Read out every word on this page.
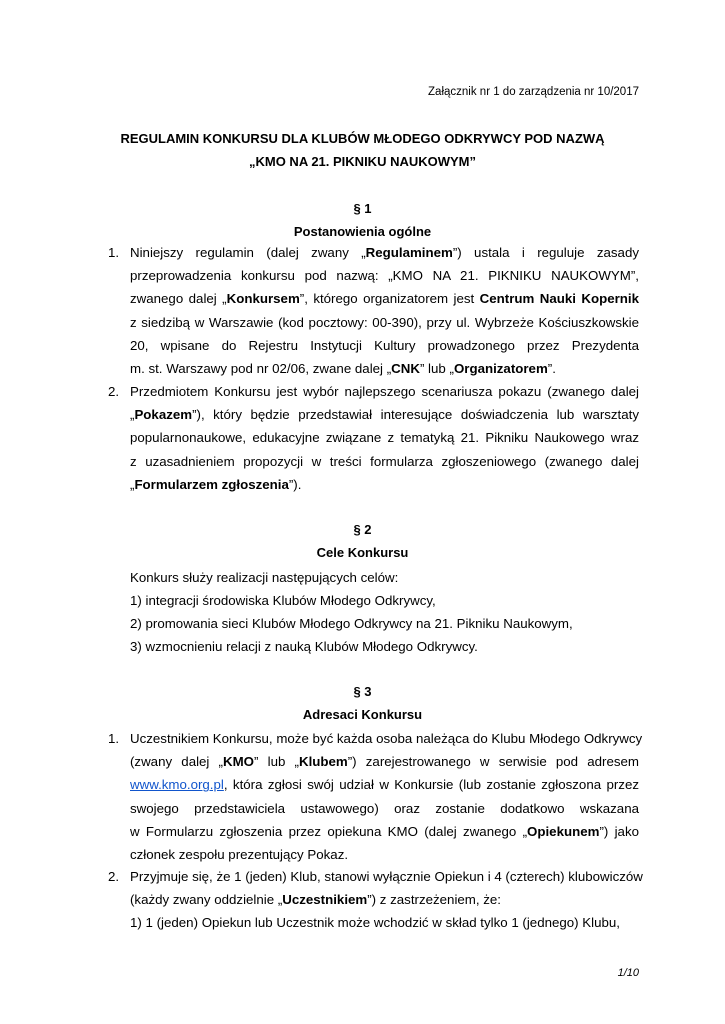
Załącznik nr 1 do zarządzenia nr 10/2017
REGULAMIN KONKURSU DLA KLUBÓW MŁODEGO ODKRYWCY POD NAZWĄ
„KMO NA 21. PIKNIKU NAUKOWYM”
§ 1
Postanowienia ogólne
1. Niniejszy regulamin (dalej zwany „Regulaminem”) ustala i reguluje zasady
przeprowadzenia konkursu pod nazwą: „KMO NA 21. PIKNIKU NAUKOWYM”,
zwanego dalej „Konkursem”, którego organizatorem jest Centrum Nauki Kopernik
z siedzibą w Warszawie (kod pocztowy: 00-390), przy ul. Wybrzeże Kościuszkowskie
20, wpisane do Rejestru Instytucji Kultury prowadzonego przez Prezydenta
m. st. Warszawy pod nr 02/06, zwane dalej „CNK” lub „Organizatorem”.
2. Przedmiotem Konkursu jest wybór najlepszego scenariusza pokazu (zwanego dalej
„Pokazem”), który będzie przedstawiał interesujące doświadczenia lub warsztaty
popularnonaukowe, edukacyjne związane z tematyką 21. Pikniku Naukowego wraz
z uzasadnieniem propozycji w treści formularza zgłoszeniowego (zwanego dalej
„Formularzem zgłoszenia”).
§ 2
Cele Konkursu
Konkurs służy realizacji następujących celów:
1) integracji środowiska Klubów Młodego Odkrywcy,
2) promowania sieci Klubów Młodego Odkrywcy na 21. Pikniku Naukowym,
3) wzmocnieniu relacji z nauką Klubów Młodego Odkrywcy.
§ 3
Adresaci Konkursu
1. Uczestnikiem Konkursu, może być każda osoba należąca do Klubu Młodego Odkrywcy
(zwany dalej „KMO” lub „Klubem”) zarejestrowanego w serwisie pod adresem
www.kmo.org.pl, która zgłosi swój udział w Konkursie (lub zostanie zgłoszona przez
swojego przedstawiciela ustawowego) oraz zostanie dodatkowo wskazana
w Formularzu zgłoszenia przez opiekuna KMO (dalej zwanego „Opiekunem”) jako
członek zespołu prezentujący Pokaz.
2. Przyjmuje się, że 1 (jeden) Klub, stanowi wyłącznie Opiekun i 4 (czterech) klubowiczów
(każdy zwany oddzielnie „Uczestnikiem”) z zastrzeżeniem, że:
1) 1 (jeden) Opiekun lub Uczestnik może wchodzić w skład tylko 1 (jednego) Klubu,
1/10
